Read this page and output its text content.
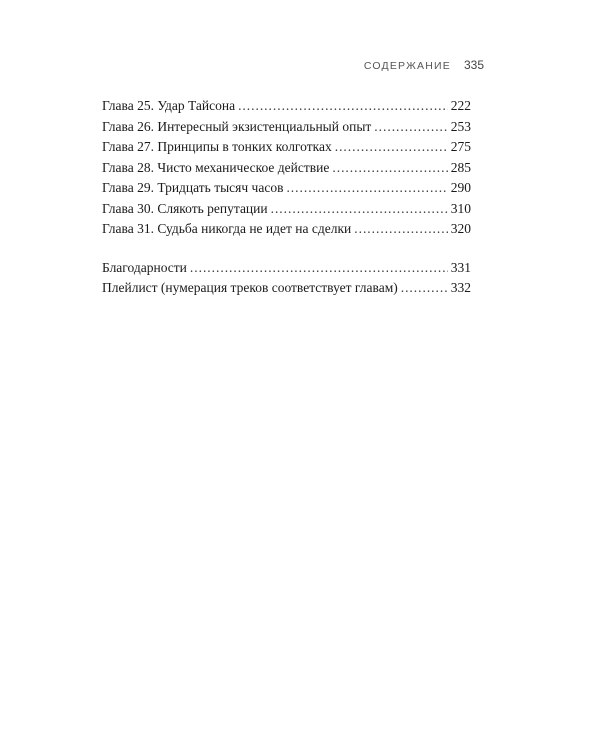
СОДЕРЖАНИЕ 335
Глава 25. Удар Тайсона . . .	222
Глава 26. Интересный экзистенциальный опыт . . .	253
Глава 27. Принципы в тонких колготках . . .	275
Глава 28. Чисто механическое действие . . .	285
Глава 29. Тридцать тысяч часов . . .	290
Глава 30. Слякоть репутации . . .	310
Глава 31. Судьба никогда не идет на сделки . . .	320
Благодарности . . .	331
Плейлист (нумерация треков соответствует главам) . . .	332
